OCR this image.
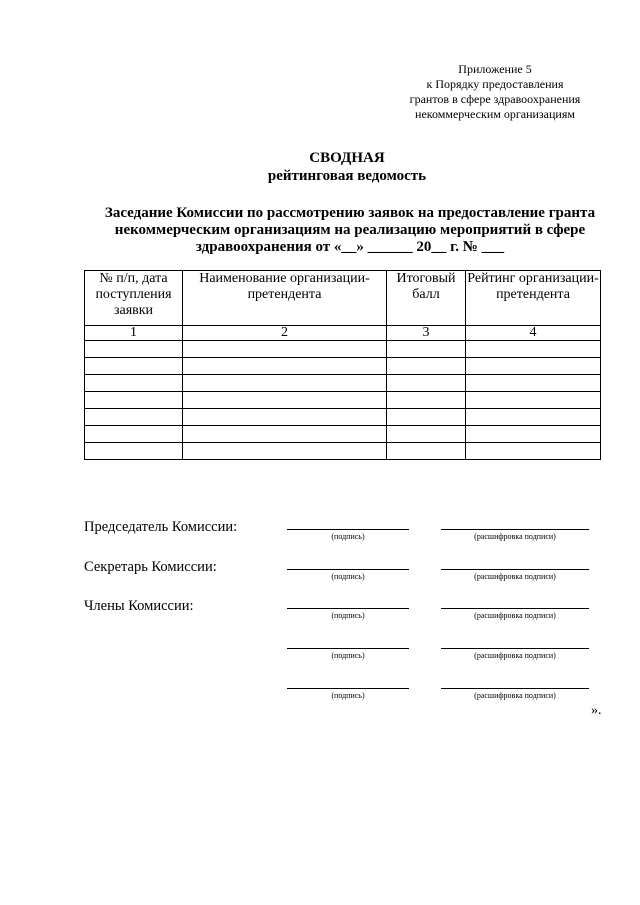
Приложение 5
к Порядку предоставления
грантов в сфере здравоохранения
некоммерческим организациям
СВОДНАЯ
рейтинговая ведомость
Заседание Комиссии по рассмотрению заявок на предоставление гранта
некоммерческим организациям на реализацию мероприятий в сфере
здравоохранения от «__» ______ 20__ г. № ___
№ п/п, дата поступления заявки	Наименование организации-претендента	Итоговый балл	Рейтинг организации-претендента
1	2	3	4

Председатель Комиссии:
(подпись)	(расшифровка подписи)
Секретарь Комиссии:
(подпись)	(расшифровка подписи)
Члены Комиссии:
(подпись)	(расшифровка подписи)
(подпись)	(расшифровка подписи)
(подпись)	(расшифровка подписи)
».
